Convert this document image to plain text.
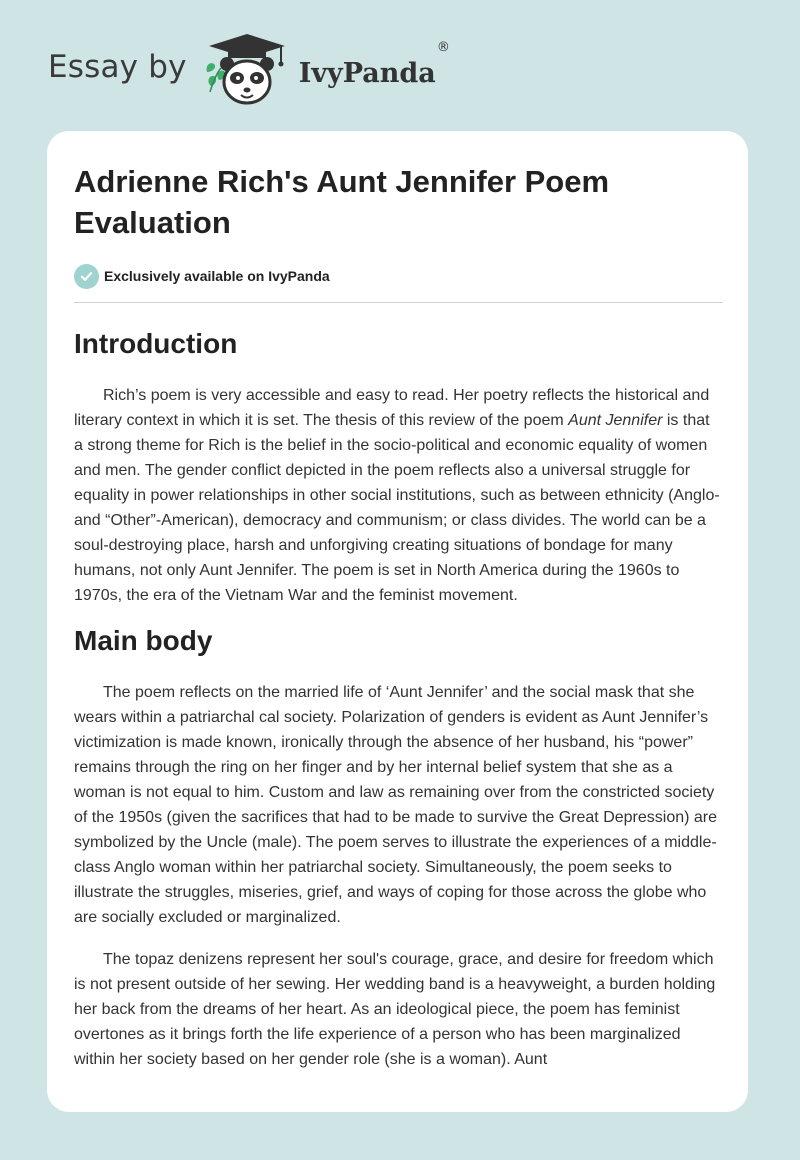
Essay by	IvyPanda
®
Adrienne Rich's Aunt Jennifer Poem Evaluation
Exclusively available on IvyPanda
Introduction

Rich’s poem is very accessible and easy to read. Her poetry reflects the historical and literary context in which it is set. The thesis of this review of the poem Aunt Jennifer is that a strong theme for Rich is the belief in the socio-political and economic equality of women and men. The gender conflict depicted in the poem reflects also a universal struggle for equality in power relationships in other social institutions, such as between ethnicity (Anglo- and “Other”-American), democracy and communism; or class divides. The world can be a soul-destroying place, harsh and unforgiving creating situations of bondage for many humans, not only Aunt Jennifer. The poem is set in North America during the 1960s to 1970s, the era of the Vietnam War and the feminist movement.

Main body

The poem reflects on the married life of ‘Aunt Jennifer’ and the social mask that she wears within a patriarchal cal society. Polarization of genders is evident as Aunt Jennifer’s victimization is made known, ironically through the absence of her husband, his “power” remains through the ring on her finger and by her internal belief system that she as a woman is not equal to him. Custom and law as remaining over from the constricted society of the 1950s (given the sacrifices that had to be made to survive the Great Depression) are symbolized by the Uncle (male). The poem serves to illustrate the experiences of a middle-class Anglo woman within her patriarchal society. Simultaneously, the poem seeks to illustrate the struggles, miseries, grief, and ways of coping for those across the globe who are socially excluded or marginalized.

The topaz denizens represent her soul's courage, grace, and desire for freedom which is not present outside of her sewing. Her wedding band is a heavyweight, a burden holding her back from the dreams of her heart. As an ideological piece, the poem has feminist overtones as it brings forth the life experience of a person who has been marginalized within her society based on her gender role (she is a woman). Aunt
